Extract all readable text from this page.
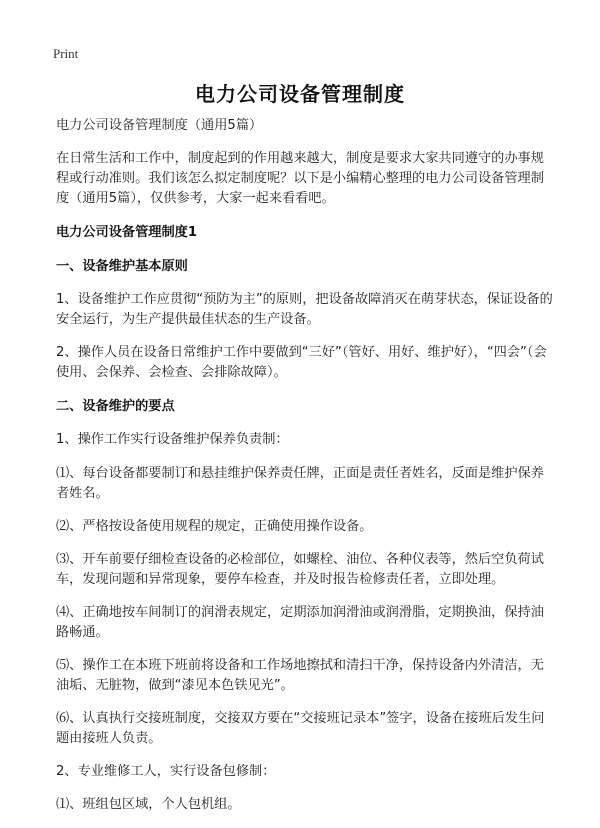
Print
电力公司设备管理制度

电力公司设备管理制度（通用5篇）

在日常生活和工作中，制度起到的作用越来越大，制度是要求大家共同遵守的办事规程或行动准则。我们该怎么拟定制度呢？以下是小编精心整理的电力公司设备管理制度（通用5篇），仅供参考，大家一起来看看吧。

电力公司设备管理制度1

一、设备维护基本原则

1、设备维护工作应贯彻“预防为主”的原则，把设备故障消灭在萌芽状态，保证设备的安全运行，为生产提供最佳状态的生产设备。

2、操作人员在设备日常维护工作中要做到“三好”（管好、用好、维护好），“四会”（会使用、会保养、会检查、会排除故障）。

二、设备维护的要点

1、操作工作实行设备维护保养负责制：

⑴、每台设备都要制订和悬挂维护保养责任牌，正面是责任者姓名，反面是维护保养者姓名。

⑵、严格按设备使用规程的规定，正确使用操作设备。

⑶、开车前要仔细检查设备的必检部位，如螺栓、油位、各种仪表等，然后空负荷试车，发现问题和异常现象，要停车检查，并及时报告检修责任者，立即处理。

⑷、正确地按车间制订的润滑表规定，定期添加润滑油或润滑脂，定期换油，保持油路畅通。

⑸、操作工在本班下班前将设备和工作场地擦拭和清扫干净，保持设备内外清洁，无油垢、无脏物，做到“漆见本色铁见光”。

⑹、认真执行交接班制度，交接双方要在“交接班记录本”签字，设备在接班后发生问题由接班人负责。

2、专业维修工人，实行设备包修制：

⑴、班组包区域，个人包机组。
